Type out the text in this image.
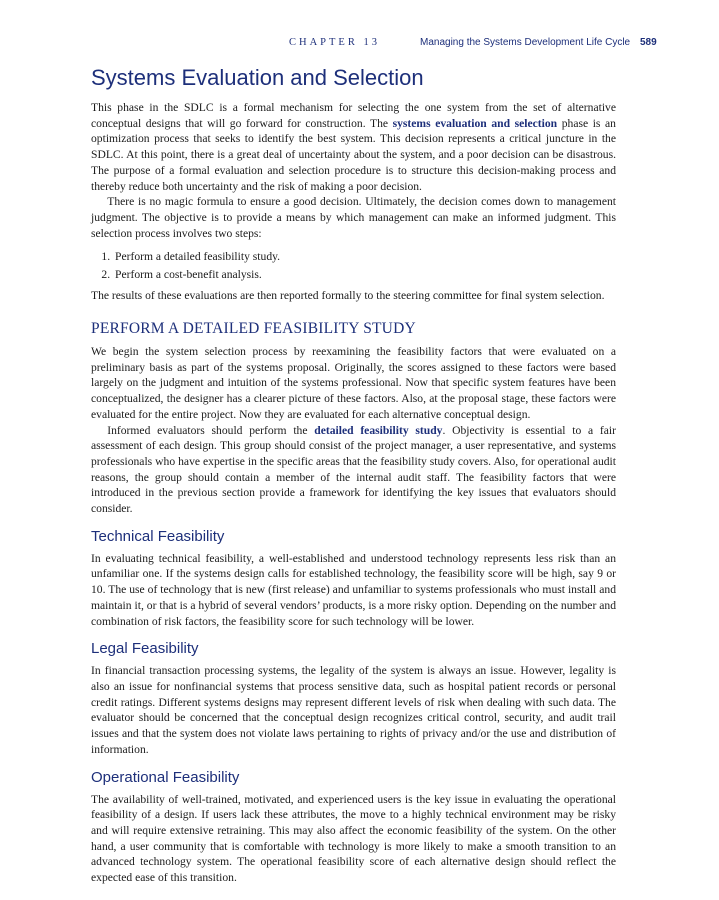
CHAPTER 13	Managing the Systems Development Life Cycle 589
Systems Evaluation and Selection

This phase in the SDLC is a formal mechanism for selecting the one system from the set of alternative conceptual designs that will go forward for construction. The systems evaluation and selection phase is an optimization process that seeks to identify the best system. This decision represents a critical juncture in the SDLC. At this point, there is a great deal of uncertainty about the system, and a poor decision can be disastrous. The purpose of a formal evaluation and selection procedure is to structure this decision-making process and thereby reduce both uncertainty and the risk of making a poor decision.

There is no magic formula to ensure a good decision. Ultimately, the decision comes down to management judgment. The objective is to provide a means by which management can make an informed judgment. This selection process involves two steps:

1. Perform a detailed feasibility study.
2. Perform a cost-benefit analysis.

The results of these evaluations are then reported formally to the steering committee for final system selection.

PERFORM A DETAILED FEASIBILITY STUDY

We begin the system selection process by reexamining the feasibility factors that were evaluated on a preliminary basis as part of the systems proposal. Originally, the scores assigned to these factors were based largely on the judgment and intuition of the systems professional. Now that specific system features have been conceptualized, the designer has a clearer picture of these factors. Also, at the proposal stage, these factors were evaluated for the entire project. Now they are evaluated for each alternative conceptual design.

Informed evaluators should perform the detailed feasibility study. Objectivity is essential to a fair assessment of each design. This group should consist of the project manager, a user representative, and systems professionals who have expertise in the specific areas that the feasibility study covers. Also, for operational audit reasons, the group should contain a member of the internal audit staff. The feasibility factors that were introduced in the previous section provide a framework for identifying the key issues that evaluators should consider.

Technical Feasibility

In evaluating technical feasibility, a well-established and understood technology represents less risk than an unfamiliar one. If the systems design calls for established technology, the feasibility score will be high, say 9 or 10. The use of technology that is new (first release) and unfamiliar to systems professionals who must install and maintain it, or that is a hybrid of several vendors’ products, is a more risky option. Depending on the number and combination of risk factors, the feasibility score for such technology will be lower.

Legal Feasibility

In financial transaction processing systems, the legality of the system is always an issue. However, legality is also an issue for nonfinancial systems that process sensitive data, such as hospital patient records or personal credit ratings. Different systems designs may represent different levels of risk when dealing with such data. The evaluator should be concerned that the conceptual design recognizes critical control, security, and audit trail issues and that the system does not violate laws pertaining to rights of privacy and/or the use and distribution of information.

Operational Feasibility

The availability of well-trained, motivated, and experienced users is the key issue in evaluating the operational feasibility of a design. If users lack these attributes, the move to a highly technical environment may be risky and will require extensive retraining. This may also affect the economic feasibility of the system. On the other hand, a user community that is comfortable with technology is more likely to make a smooth transition to an advanced technology system. The operational feasibility score of each alternative design should reflect the expected ease of this transition.
